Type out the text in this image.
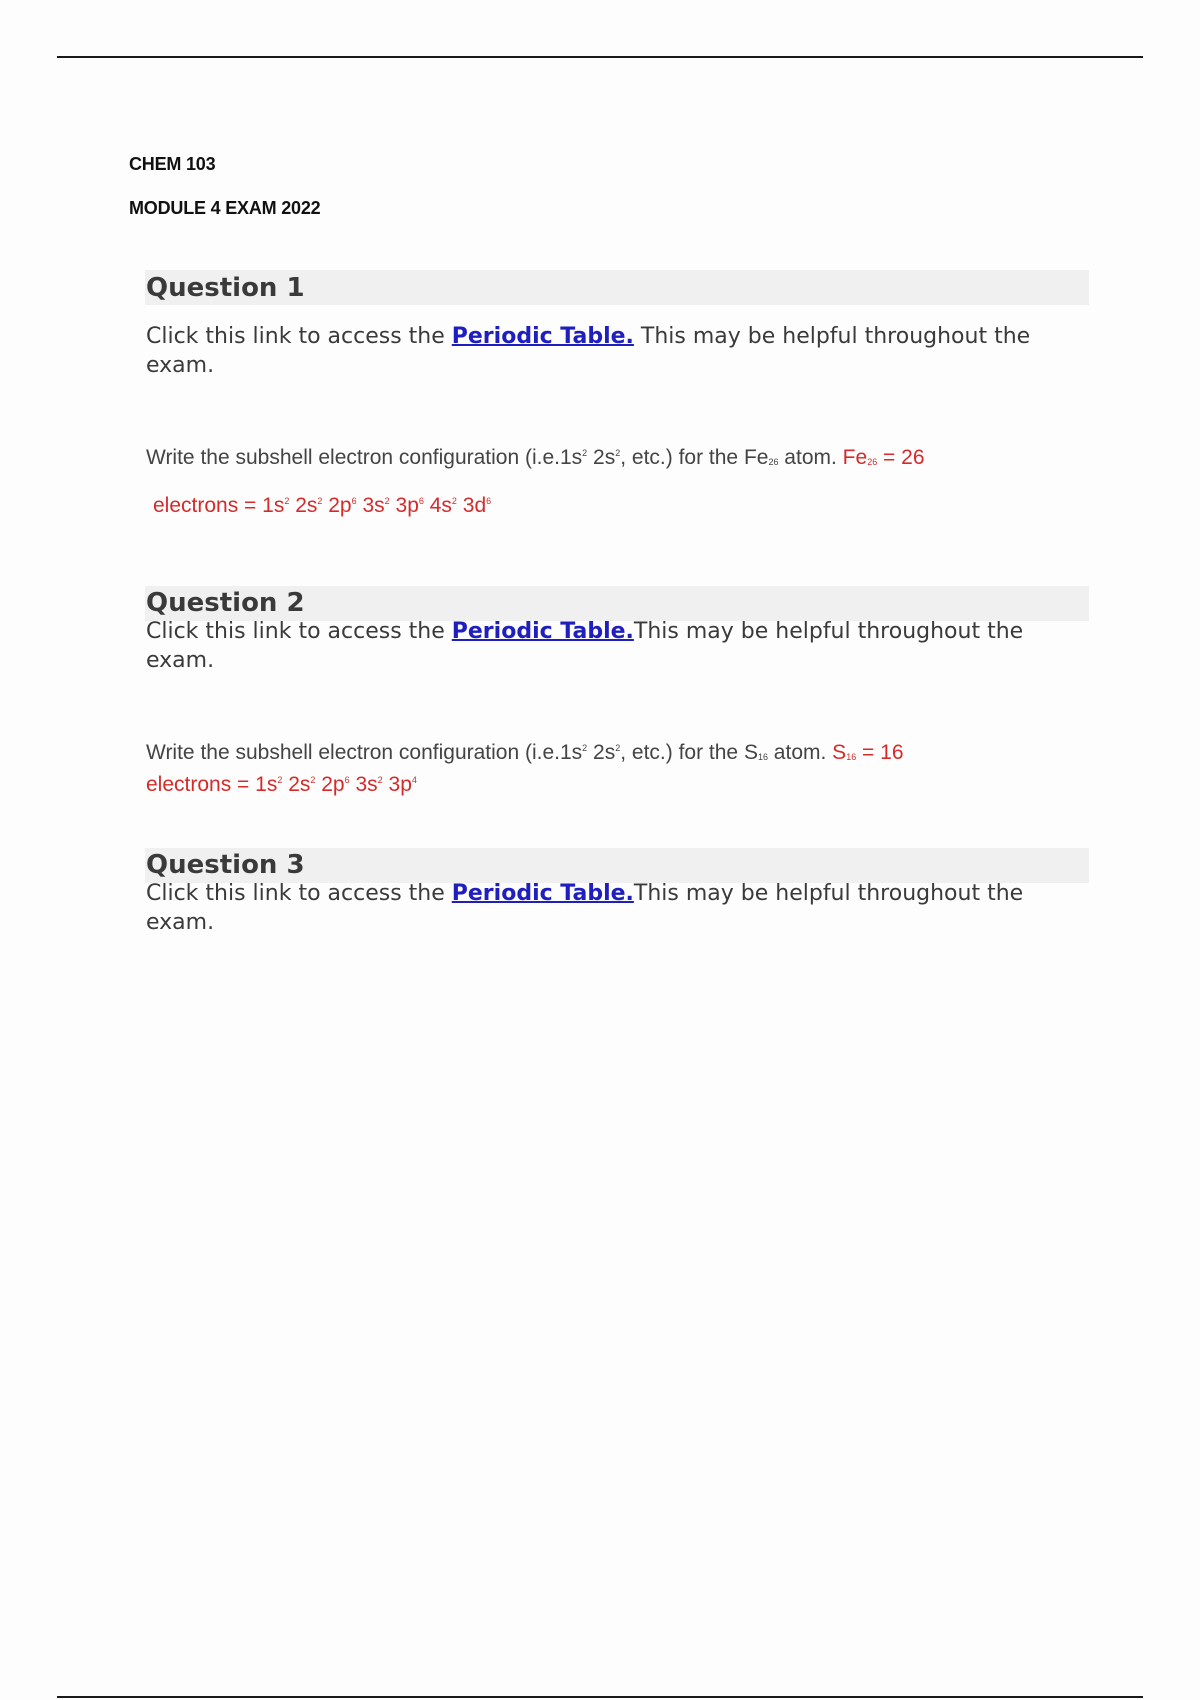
CHEM 103
MODULE 4 EXAM 2022
Question 1

Click this link to access the Periodic Table. This may be helpful throughout the exam.

Write the subshell electron configuration ($i.e.1s^2$ $2s^2$, etc.) for the $Fe_{26}$ atom. $Fe_{26} = 26$

electrons = $1s^2$ $2s^2$ $2p^6$ $3s^2$ $3p^6$ $4s^2$ $3d^6$

Question 2

Click this link to access the Periodic Table.This may be helpful throughout the exam.

Write the subshell electron configuration ($i.e.1s^2$ $2s^2$, etc.) for the $S_{16}$ atom. $S_{16} = 16$

electrons = $1s^2$ $2s^2$ $2p^6$ $3s^2$ $3p^4$

Question 3

Click this link to access the Periodic Table.This may be helpful throughout the exam.
